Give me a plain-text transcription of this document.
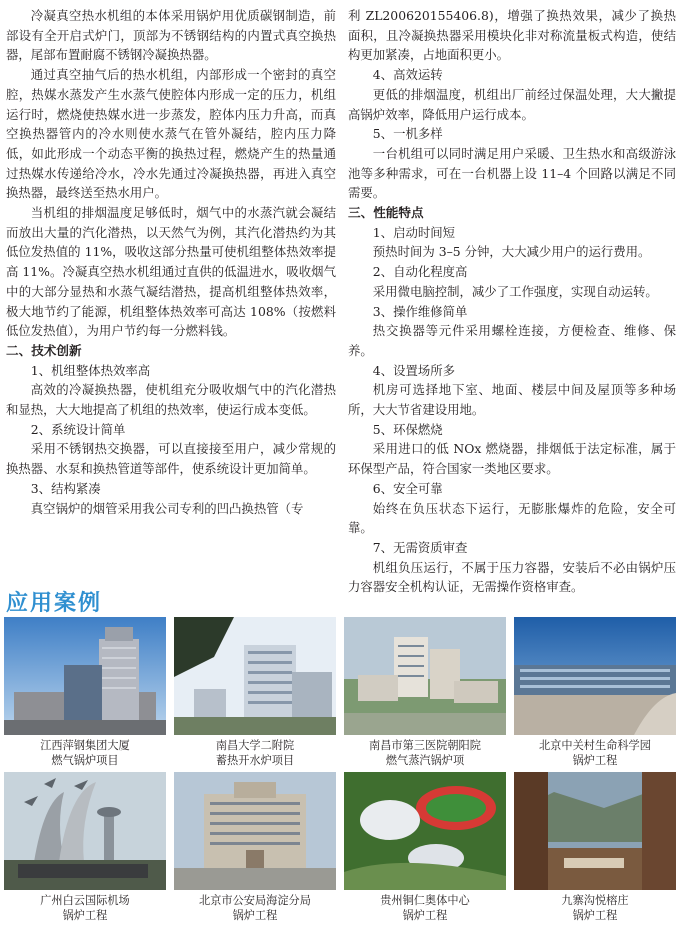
冷凝真空热水机组的本体采用锅炉用优质碳钢制造，前部设有全开启式炉门，顶部为不锈钢结构的内置式真空换热器，尾部布置耐腐不锈钢冷凝换热器。

通过真空抽气后的热水机组，内部形成一个密封的真空腔，热媒水蒸发产生水蒸气使腔体内形成一定的压力，机组运行时，燃烧使热媒水进一步蒸发，腔体内压力升高，而真空换热器管内的冷水则使水蒸气在管外凝结，腔内压力降低，如此形成一个动态平衡的换热过程，燃烧产生的热量通过热媒水传递给冷水，冷水先通过冷凝换热器，再进入真空换热器，最终送至热水用户。

当机组的排烟温度足够低时，烟气中的水蒸汽就会凝结而放出大量的汽化潜热，以天然气为例，其汽化潜热约为其低位发热值的 11%，吸收这部分热量可使机组整体热效率提高 11%。冷凝真空热水机组通过直供的低温进水，吸收烟气中的大部分显热和水蒸气凝结潜热，提高机组整体热效率，极大地节约了能源，机组整体热效率可高达 108%（按燃料低位发热值），为用户节约每一分燃料钱。

二、技术创新

1、机组整体热效率高

高效的冷凝换热器，使机组充分吸收烟气中的汽化潜热和显热，大大地提高了机组的热效率，使运行成本变低。

2、系统设计简单

采用不锈钢热交换器，可以直接接至用户，减少常规的换热器、水泵和换热管道等部件，使系统设计更加简单。

3、结构紧凑

真空锅炉的烟管采用我公司专利的凹凸换热管（专

利 ZL200620155406.8)，增强了换热效果，减少了换热面积，且冷凝换热器采用模块化非对称流量板式构造，使结构更加紧凑，占地面积更小。

4、高效运转

更低的排烟温度，机组出厂前经过保温处理，大大撇提高锅炉效率，降低用户运行成本。

5、一机多样

一台机组可以同时满足用户采暖、卫生热水和高级游泳池等多种需求，可在一台机器上设 11–4 个回路以满足不同需要。

三、性能特点

1、启动时间短

预热时间为 3–5 分钟，大大减少用户的运行费用。

2、自动化程度高

采用微电脑控制，减少了工作强度，实现自动运转。

3、操作维修简单

热交换器等元件采用螺栓连接，方便检查、维修、保养。

4、设置场所多

机房可选择地下室、地面、楼层中间及屋顶等多种场所，大大节省建设用地。

5、环保燃烧

采用进口的低 NOx 燃烧器，排烟低于法定标准，属于环保型产品，符合国家一类地区要求。

6、安全可靠

始终在负压状态下运行，无膨胀爆炸的危险，安全可靠。

7、无需资质审查

机组负压运行，不属于压力容器，安装后不必由锅炉压力容器安全机构认证，无需操作资格审查。

应用案例
江西萍钢集团大厦
燃气锅炉项目
南昌大学二附院
蓄热开水炉项目
南昌市第三医院朝阳院
燃气蒸汽锅炉项
北京中关村生命科学园
锅炉工程
广州白云国际机场
锅炉工程
北京市公安局海淀分局
锅炉工程
贵州铜仁奥体中心
锅炉工程
九寨沟悦榕庄
锅炉工程
